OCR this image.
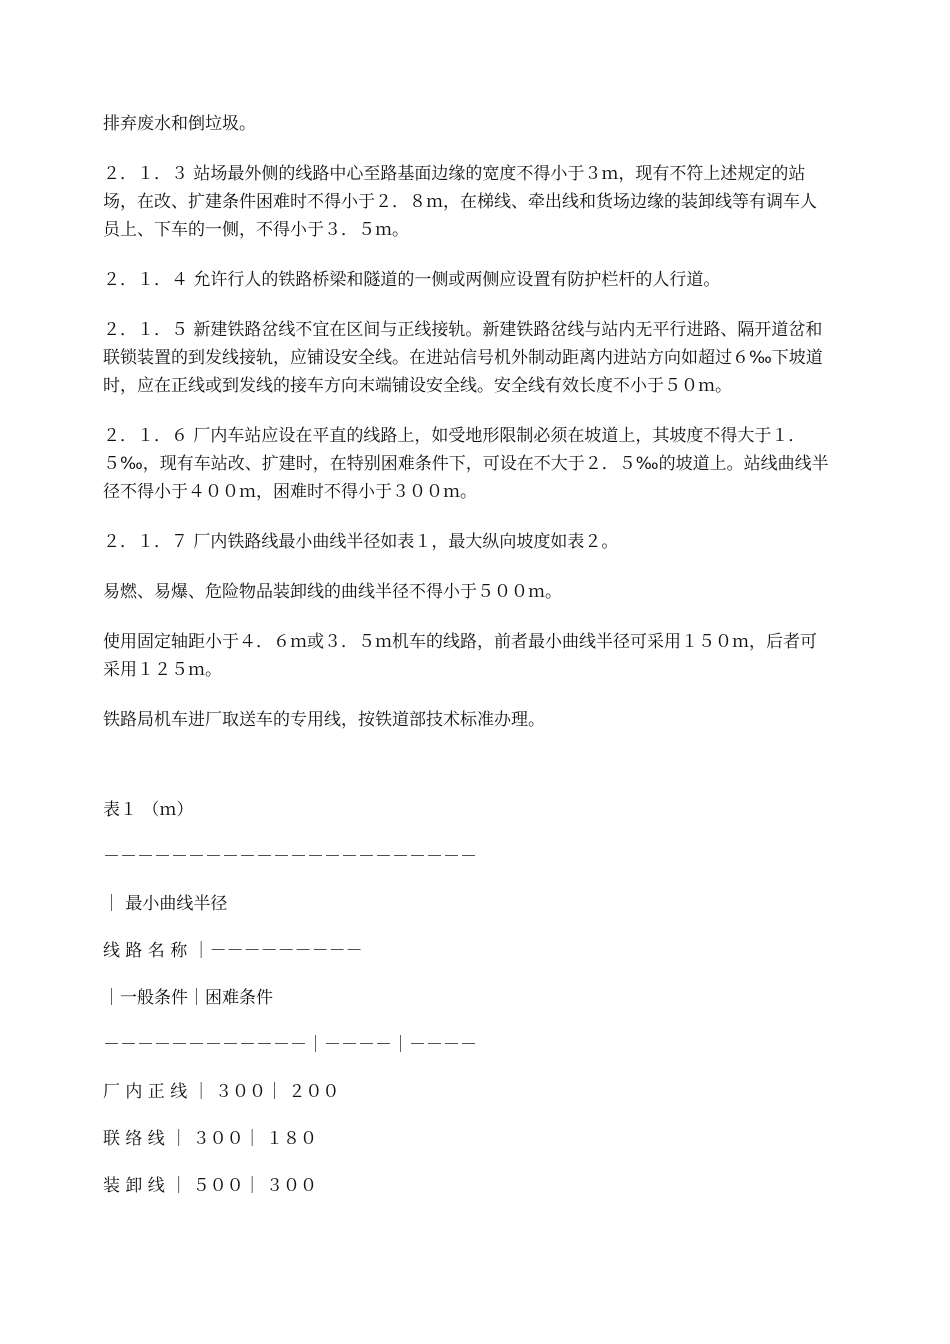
排弃废水和倒垃圾。

２．１．３ 站场最外侧的线路中心至路基面边缘的宽度不得小于３ｍ，现有不符上述规定的站场，在改、扩建条件困难时不得小于２．８ｍ，在梯线、牵出线和货场边缘的装卸线等有调车人员上、下车的一侧，不得小于３．５ｍ。

２．１．４ 允许行人的铁路桥梁和隧道的一侧或两侧应设置有防护栏杆的人行道。

２．１．５ 新建铁路岔线不宜在区间与正线接轨。新建铁路岔线与站内无平行进路、隔开道岔和联锁装置的到发线接轨，应铺设安全线。在进站信号机外制动距离内进站方向如超过６‰下坡道时，应在正线或到发线的接车方向末端铺设安全线。安全线有效长度不小于５０ｍ。

２．１．６ 厂内车站应设在平直的线路上，如受地形限制必须在坡道上，其坡度不得大于１．５‰，现有车站改、扩建时，在特别困难条件下，可设在不大于２．５‰的坡道上。站线曲线半径不得小于４００ｍ，困难时不得小于３００ｍ。

２．１．７ 厂内铁路线最小曲线半径如表１，最大纵向坡度如表２。

易燃、易爆、危险物品装卸线的曲线半径不得小于５００ｍ。

使用固定轴距小于４．６ｍ或３．５ｍ机车的线路，前者最小曲线半径可采用１５０ｍ，后者可采用１２５ｍ。

铁路局机车进厂取送车的专用线，按铁道部技术标准办理。

表１ （ｍ）

－－－－－－－－－－－－－－－－－－－－－－

｜ 最小曲线半径

线 路 名 称 ｜－－－－－－－－－

｜一般条件｜困难条件

－－－－－－－－－－－－｜－－－－｜－－－－

厂 内 正 线 ｜ ３００｜ ２００

联 络 线 ｜ ３００｜ １８０

装 卸 线 ｜ ５００｜ ３００
